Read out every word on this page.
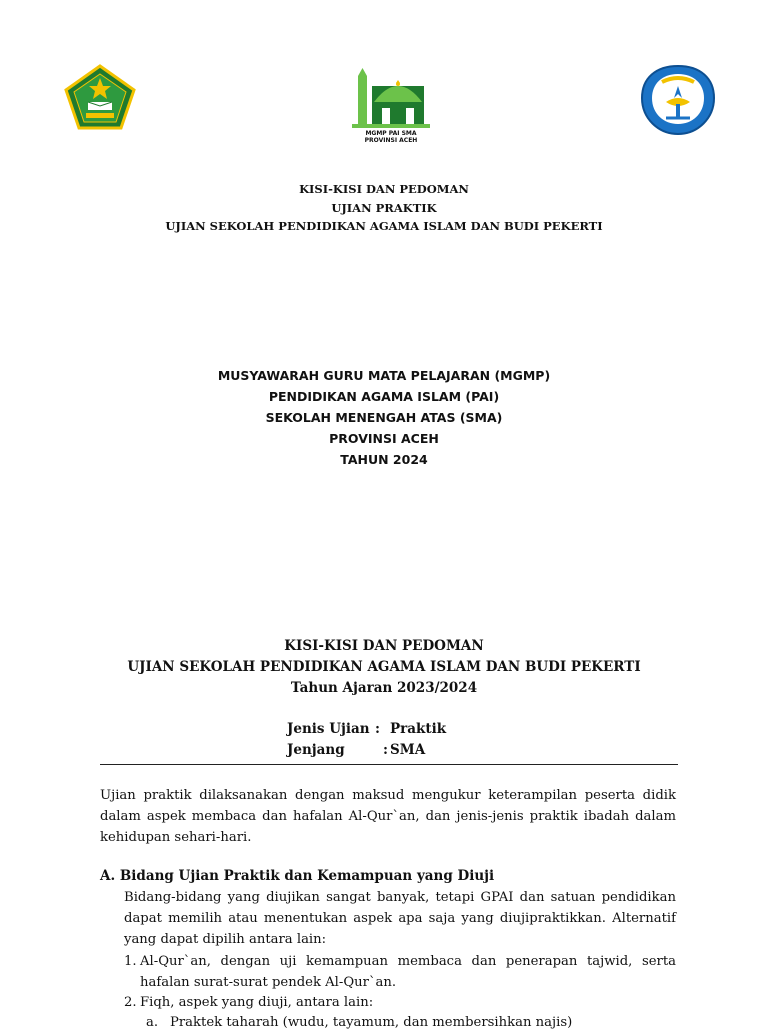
MGMP PAI SMA
PROVINSI ACEH
KISI-KISI DAN PEDOMAN
UJIAN PRAKTIK
UJIAN SEKOLAH PENDIDIKAN AGAMA ISLAM DAN BUDI PEKERTI
MUSYAWARAH GURU MATA PELAJARAN (MGMP)
PENDIDIKAN AGAMA ISLAM (PAI)
SEKOLAH MENENGAH ATAS (SMA)
PROVINSI ACEH
TAHUN 2024
KISI-KISI DAN PEDOMAN
UJIAN SEKOLAH PENDIDIKAN AGAMA ISLAM DAN BUDI PEKERTI
Tahun Ajaran 2023/2024
Jenis Ujian : Praktik
Jenjang	: SMA
Ujian praktik dilaksanakan dengan maksud mengukur keterampilan peserta didik dalam aspek membaca dan hafalan Al-Qur`an, dan jenis-jenis praktik ibadah dalam kehidupan sehari-hari.
A. Bidang Ujian Praktik dan Kemampuan yang Diuji
Bidang-bidang yang diujikan sangat banyak, tetapi GPAI dan satuan pendidikan dapat memilih atau menentukan aspek apa saja yang diujipraktikkan. Alternatif yang dapat dipilih antara lain:
1. Al-Qur`an, dengan uji kemampuan membaca dan penerapan tajwid, serta hafalan surat-surat pendek Al-Qur`an.
2. Fiqh, aspek yang diuji, antara lain:
a. Praktek taharah (wudu, tayamum, dan membersihkan najis)
